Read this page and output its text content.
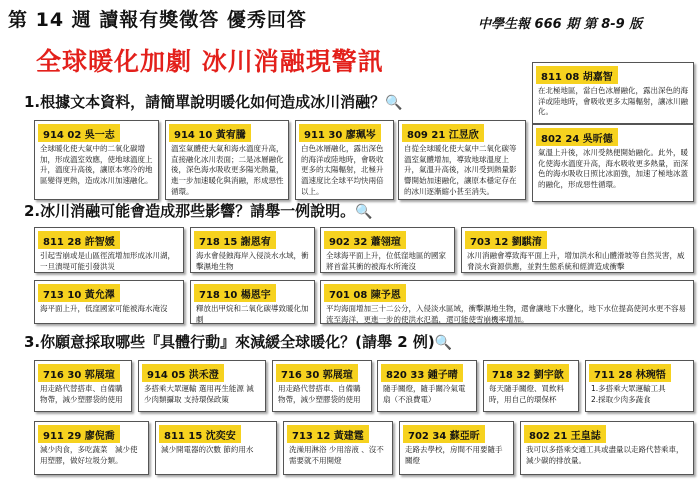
第 14 週 讀報有獎徵答 優秀回答	中學生報 666 期 第 8-9 版
全球暖化加劇 冰川消融現警訊
1.根據文本資料，請簡單說明暖化如何造成冰川消融？🔍
2.冰川消融可能會造成那些影響？請舉一例說明。🔍
3.你願意採取哪些『具體行動』來減緩全球暖化？(請舉 2 例)🔍
811 08 胡嘉智
在北極地區，當白色冰層融化，露出深色的海洋或陸地時，會吸收更多太陽輻射，讓冰川融化。
802 24 吳昕德
氣溫上升後，冰川受熱便開始融化。此外，暖化使海水溫度升高，海水吸收更多熱量，而深色的海水吸收日照比冰面強，加速了極地冰蓋的融化，形成惡性循環。
914 02 吳一志
全球暖化使大氣中的二氧化碳增加，形成溫室效應，使地球溫度上升，溫度升高後，讓原本寒冷的地區變得更熱，造成冰川加速融化。
914 10 黃宥騰
溫室氣體使大氣和海水溫度升高，直接融化冰川表面；二是冰層融化後，深色海水吸收更多陽光熱量，進一步加速暖化與消融，形成惡性循環。
911 30 廖珮岑
白色冰層融化，露出深色的海洋或陸地時，會吸收更多的太陽輻射，北極升溫速度比全球平均快兩倍以上。
809 21 江昱欣
自從全球暖化使大氣中二氧化碳等溫室氣體增加，導致地球溫度上升，氣溫升高後，冰川受到熱量影響開始加速融化，讓原本穩定存在的冰川逐漸縮小甚至消失。
811 28 許智媛
引起雪崩或是山區徑流增加形成冰川湖，一旦潰堤可能引發洪災
718 15 謝恩宥
海水會侵蝕海岸入侵淡水水域，衝擊濕地生物
902 32 蕭翎瑄
全球海平面上升，位低窪地區的國家將首當其衝的被海水所淹沒
703 12 劉騏淯
冰川消融會導致海平面上升，增加洪水和山體滑坡等自然災害，威脅淡水資源供應，並對生態系統和經濟造成衝擊
713 10 黃允澤
海平面上升，低窪國家可能被海水淹沒
718 10 楊恩宇
釋放出甲烷和二氧化碳導致暖化加劇
701 08 陳予恩
平均海面增加三十二公分，入侵淡水區域，衝擊濕地生物，還會讓地下水鹽化，地下水位提高使河水更不容易流至海洋，更進一步的使洪水氾濫，還可能使雪崩機率增加。
716 30 郭展瑄
用走路代替搭車、自備購物帶，減少塑膠袋的使用
914 05 洪禾澄
多搭乘大眾運輸 選用再生能源 減少肉類攝取 支持環保政策
716 30 郭展瑄
用走路代替搭車、自備購物帶，減少塑膠袋的使用
820 33 鍾子晴
隨手關燈，隨手關冷氣電扇（不浪費電）
718 32 劉宇歆
每天隨手關燈、買飲料時，用自己的環保杯
711 28 林琬牾
1.多搭乘大眾運輸工具
2.採取少肉多蔬食
911 29 廖倪喬
減少肉食，多吃蔬菜　減少使用塑膠，做好垃圾分類。
811 15 沈奕安
減少開電器的次數 節約用水
713 12 黃建霆
洗澡用淋浴 少用溶液 、沒不需要就不用開燈
702 34 蘇亞昕
走路去學校，房間不用要隨手關燈
802 21 王皇誌
我可以多搭乘交通工具或盡量以走路代替乘車，減少碳的排放量。
